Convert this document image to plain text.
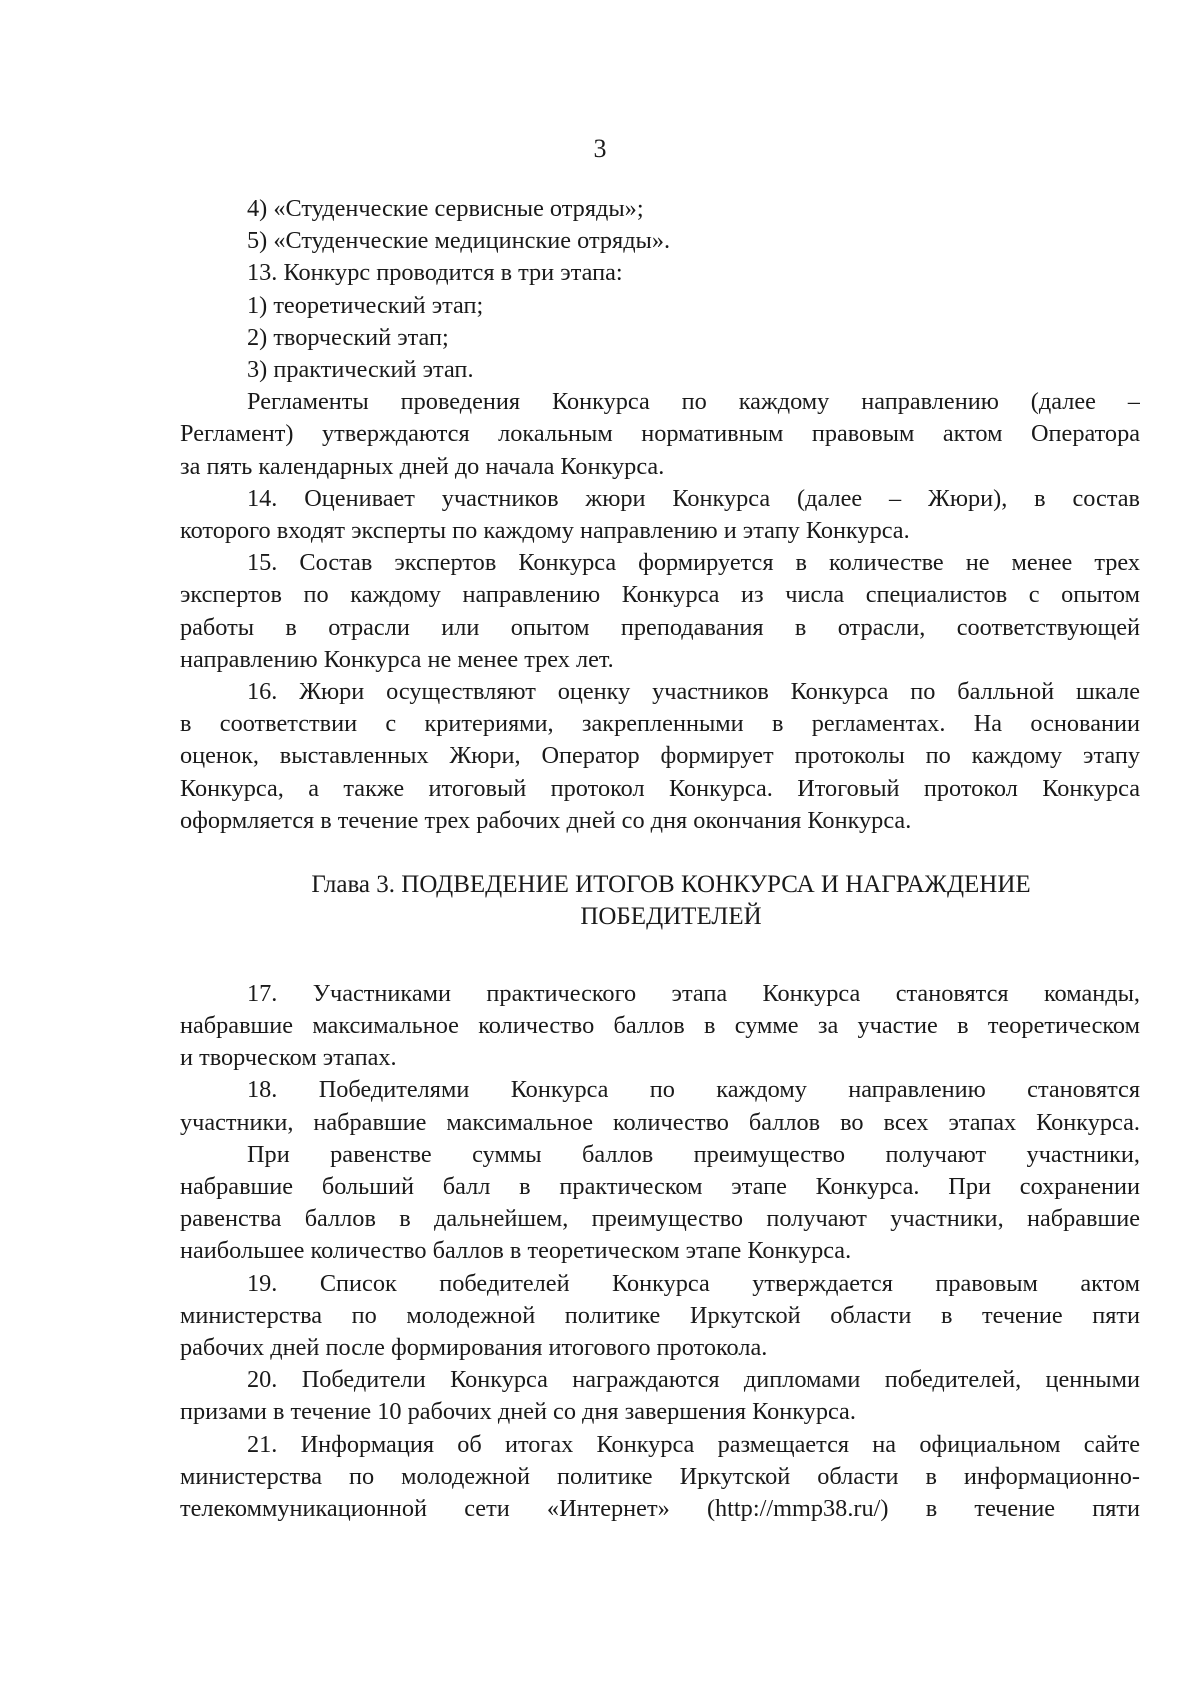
3
4) «Студенческие сервисные отряды»;
5) «Студенческие медицинские отряды».
13. Конкурс проводится в три этапа:
1) теоретический этап;
2) творческий этап;
3) практический этап.
Регламенты проведения Конкурса по каждому направлению (далее –
Регламент) утверждаются локальным нормативным правовым актом Оператора
за пять календарных дней до начала Конкурса.
14. Оценивает участников жюри Конкурса (далее – Жюри), в состав
которого входят эксперты по каждому направлению и этапу Конкурса.
15. Состав экспертов Конкурса формируется в количестве не менее трех
экспертов по каждому направлению Конкурса из числа специалистов с опытом
работы в отрасли или опытом преподавания в отрасли, соответствующей
направлению Конкурса не менее трех лет.
16. Жюри осуществляют оценку участников Конкурса по балльной шкале
в соответствии с критериями, закрепленными в регламентах. На основании
оценок, выставленных Жюри, Оператор формирует протоколы по каждому этапу
Конкурса, а также итоговый протокол Конкурса. Итоговый протокол Конкурса
оформляется в течение трех рабочих дней со дня окончания Конкурса.
Глава 3. ПОДВЕДЕНИЕ ИТОГОВ КОНКУРСА И НАГРАЖДЕНИЕ
ПОБЕДИТЕЛЕЙ
17. Участниками практического этапа Конкурса становятся команды,
набравшие максимальное количество баллов в сумме за участие в теоретическом
и творческом этапах.
18. Победителями Конкурса по каждому направлению становятся
участники, набравшие максимальное количество баллов во всех этапах Конкурса.
При равенстве суммы баллов преимущество получают участники,
набравшие больший балл в практическом этапе Конкурса. При сохранении
равенства баллов в дальнейшем, преимущество получают участники, набравшие
наибольшее количество баллов в теоретическом этапе Конкурса.
19. Список победителей Конкурса утверждается правовым актом
министерства по молодежной политике Иркутской области в течение пяти
рабочих дней после формирования итогового протокола.
20. Победители Конкурса награждаются дипломами победителей, ценными
призами в течение 10 рабочих дней со дня завершения Конкурса.
21. Информация об итогах Конкурса размещается на официальном сайте
министерства по молодежной политике Иркутской области в информационно-
телекоммуникационной сети «Интернет» (http://mmp38.ru/) в течение пяти
